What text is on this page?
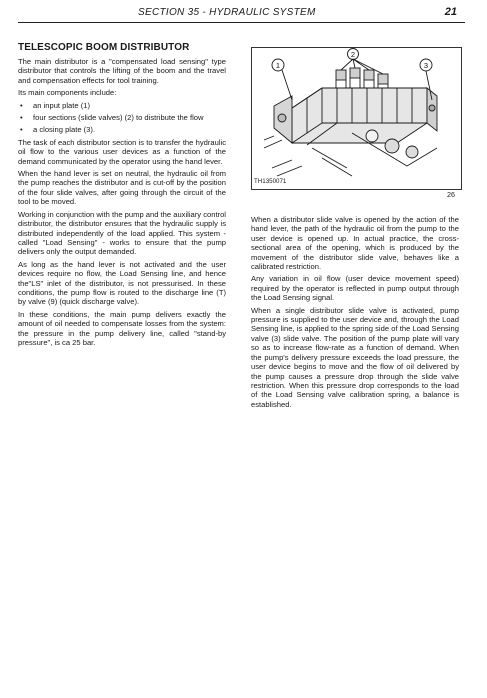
SECTION 35 - HYDRAULIC SYSTEM	21
TELESCOPIC BOOM DISTRIBUTOR

The main distributor is a "compensated load sensing" type distributor that controls the lifting of the boom and the travel and compensation effects for tool training.

Its main components include:

• an input plate (1)
• four sections (slide valves) (2) to distribute the flow
• a closing plate (3).

The task of each distributor section is to transfer the hydraulic oil flow to the various user devices as a function of the demand communicated by the operator using the hand lever.

When the hand lever is set on neutral, the hydraulic oil from the pump reaches the distributor and is cut-off by the position of the four slide valves, after going through the circuit of the tool to be moved.

Working in conjunction with the pump and the auxiliary control distributor, the distributor ensures that the hydraulic supply is distributed independently of the load applied. This system - called "Load Sensing" - works to ensure that the pump delivers only the output demanded.

As long as the hand lever is not activated and the user devices require no flow, the Load Sensing line, and hence the"LS" inlet of the distributor, is not pressurised. In these conditions, the pump flow is routed to the discharge line (T) by valve (9) (quick discharge valve).

In these conditions, the main pump delivers exactly the amount of oil needed to compensate losses from the system: the pressure in the pump delivery line, called "stand-by pressure", is ca 25 bar.

1
2
3
TH1350071
26

When a distributor slide valve is opened by the action of the hand lever, the path of the hydraulic oil from the pump to the user device is opened up. In actual practice, the cross-sectional area of the opening, which is produced by the movement of the distributor slide valve, behaves like a calibrated restriction.

Any variation in oil flow (user device movement speed) required by the operator is reflected in pump output through the Load Sensing signal.

When a single distributor slide valve is activated, pump pressure is supplied to the user device and, through the Load Sensing line, is applied to the spring side of the Load Sensing valve (3) slide valve. The position of the pump plate will vary so as to increase flow-rate as a function of demand. When the pump's delivery pressure exceeds the load pressure, the user device begins to move and the flow of oil delivered by the pump causes a pressure drop through the slide valve restriction. When this pressure drop corresponds to the load of the Load Sensing valve calibration spring, a balance is established.
